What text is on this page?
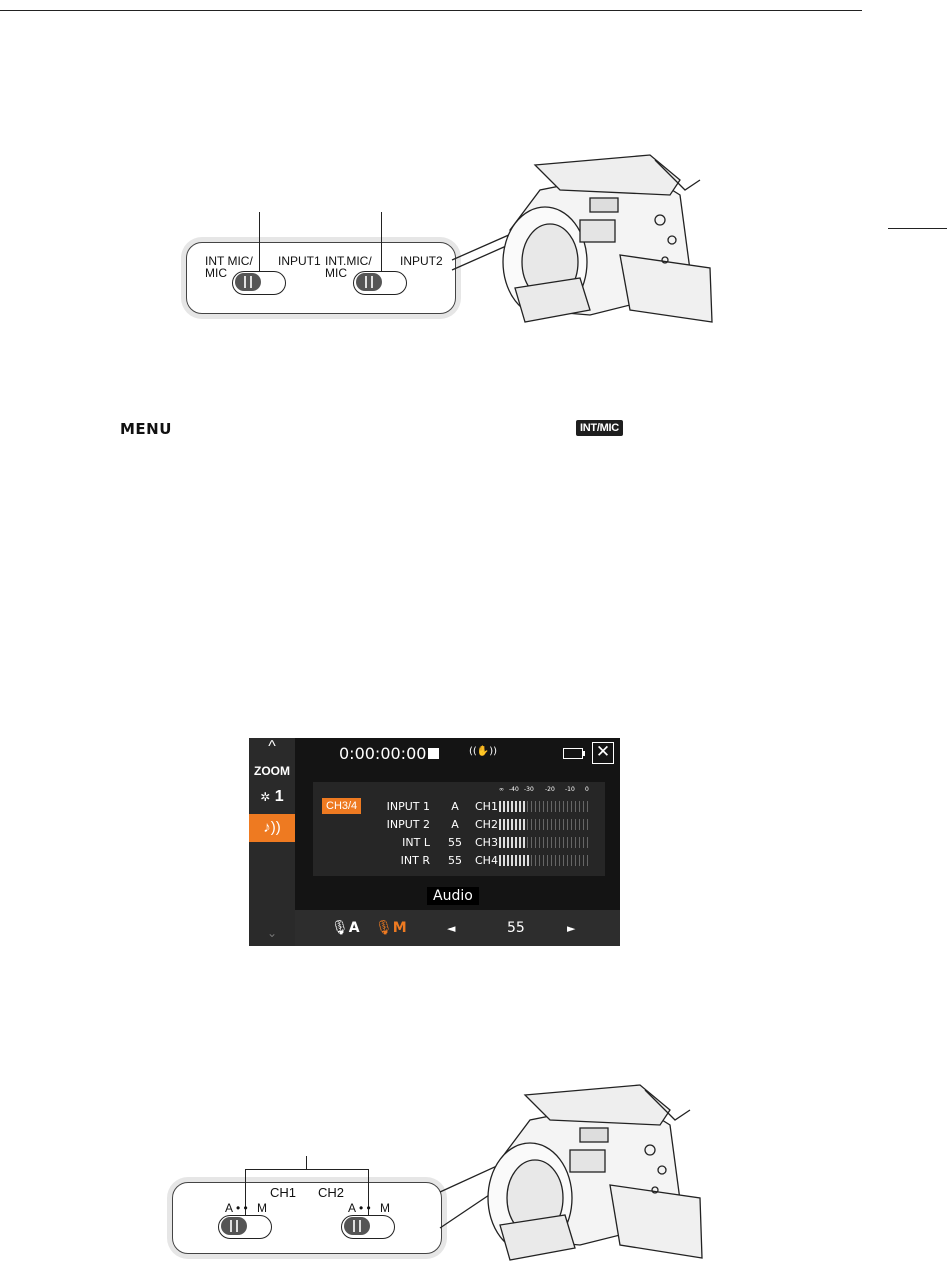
INT MIC/
MIC
INPUT1 INT.MIC/
MIC
INPUT2
MENU	INT/MIC
^
ZOOM
✲ 1
♪))
⌄
0:00:00:00	((✋))	✕
CH3/4
∞ -40 -30 -20 -10 0
INPUT 1	A	CH1
INPUT 2	A	CH2
INT L	55	CH3
INT R	55	CH4
Audio
🎙A 🎙M	◄	55	►
CH1 CH2
A • • M	A • • M
